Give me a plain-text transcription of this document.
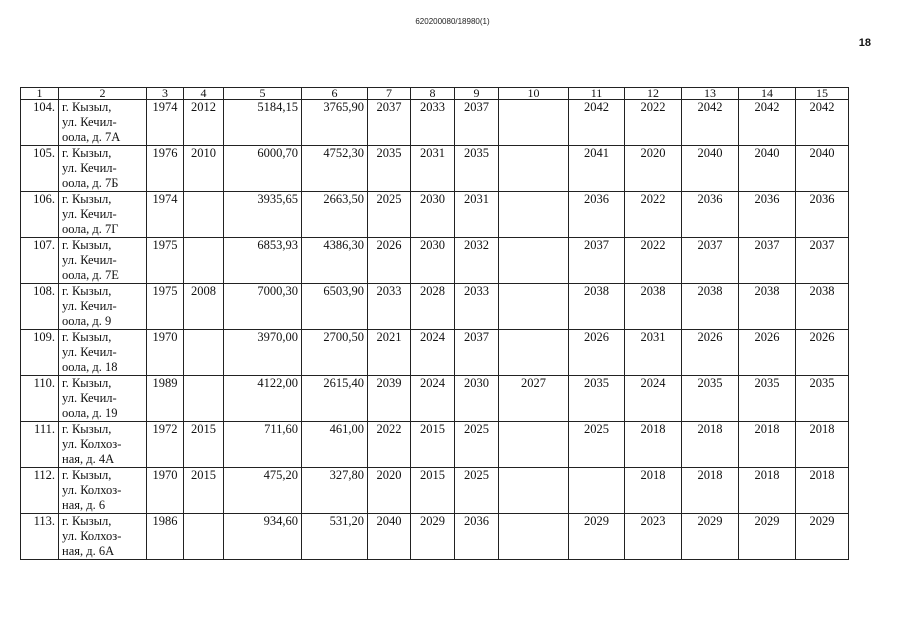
620200080/18980(1)
18
1	2	3	4	5	6	7	8	9	10	11	12	13	14	15
104.	г. Кызыл,
ул. Кечил-
оола, д. 7А	1974	2012	5184,15	3765,90	2037	2033	2037		2042	2022	2042	2042	2042
105.	г. Кызыл,
ул. Кечил-
оола, д. 7Б	1976	2010	6000,70	4752,30	2035	2031	2035		2041	2020	2040	2040	2040
106.	г. Кызыл,
ул. Кечил-
оола, д. 7Г	1974		3935,65	2663,50	2025	2030	2031		2036	2022	2036	2036	2036
107.	г. Кызыл,
ул. Кечил-
оола, д. 7Е	1975		6853,93	4386,30	2026	2030	2032		2037	2022	2037	2037	2037
108.	г. Кызыл,
ул. Кечил-
оола, д. 9	1975	2008	7000,30	6503,90	2033	2028	2033		2038	2038	2038	2038	2038
109.	г. Кызыл,
ул. Кечил-
оола, д. 18	1970		3970,00	2700,50	2021	2024	2037		2026	2031	2026	2026	2026
110.	г. Кызыл,
ул. Кечил-
оола, д. 19	1989		4122,00	2615,40	2039	2024	2030	2027	2035	2024	2035	2035	2035
111.	г. Кызыл,
ул. Колхоз-
ная, д. 4А	1972	2015	711,60	461,00	2022	2015	2025		2025	2018	2018	2018	2018
112.	г. Кызыл,
ул. Колхоз-
ная, д. 6	1970	2015	475,20	327,80	2020	2015	2025			2018	2018	2018	2018
113.	г. Кызыл,
ул. Колхоз-
ная, д. 6А	1986		934,60	531,20	2040	2029	2036		2029	2023	2029	2029	2029
